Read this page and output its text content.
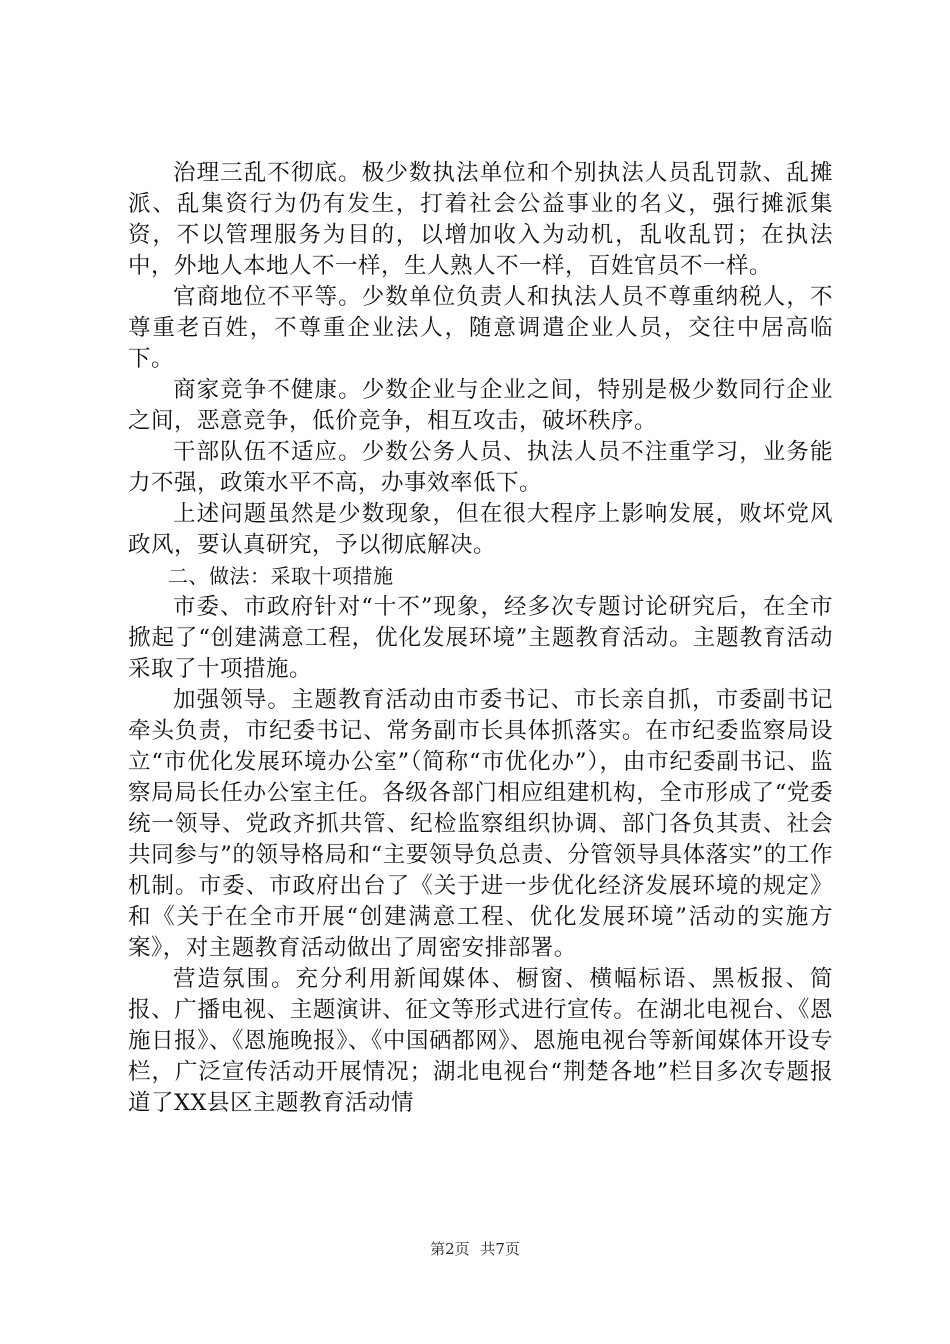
治理三乱不彻底。极少数执法单位和个别执法人员乱罚款、乱摊派、乱集资行为仍有发生，打着社会公益事业的名义，强行摊派集资，不以管理服务为目的，以增加收入为动机，乱收乱罚；在执法中，外地人本地人不一样，生人熟人不一样，百姓官员不一样。

官商地位不平等。少数单位负责人和执法人员不尊重纳税人，不尊重老百姓，不尊重企业法人，随意调遣企业人员，交往中居高临下。

商家竞争不健康。少数企业与企业之间，特别是极少数同行企业之间，恶意竞争，低价竞争，相互攻击，破坏秩序。

干部队伍不适应。少数公务人员、执法人员不注重学习，业务能力不强，政策水平不高，办事效率低下。

上述问题虽然是少数现象，但在很大程序上影响发展，败坏党风政风，要认真研究，予以彻底解决。

二、做法：采取十项措施

市委、市政府针对“十不”现象，经多次专题讨论研究后，在全市掀起了“创建满意工程，优化发展环境”主题教育活动。主题教育活动采取了十项措施。

加强领导。主题教育活动由市委书记、市长亲自抓，市委副书记牵头负责，市纪委书记、常务副市长具体抓落实。在市纪委监察局设立“市优化发展环境办公室”（简称“市优化办”），由市纪委副书记、监察局局长任办公室主任。各级各部门相应组建机构，全市形成了“党委统一领导、党政齐抓共管、纪检监察组织协调、部门各负其责、社会共同参与”的领导格局和“主要领导负总责、分管领导具体落实”的工作机制。市委、市政府出台了《关于进一步优化经济发展环境的规定》和《关于在全市开展“创建满意工程、优化发展环境”活动的实施方案》，对主题教育活动做出了周密安排部署。

营造氛围。充分利用新闻媒体、橱窗、横幅标语、黑板报、简报、广播电视、主题演讲、征文等形式进行宣传。在湖北电视台、《恩施日报》、《恩施晚报》、《中国硒都网》、恩施电视台等新闻媒体开设专栏，广泛宣传活动开展情况；湖北电视台“荆楚各地”栏目多次专题报道了XX县区主题教育活动情

第2页 共7页
